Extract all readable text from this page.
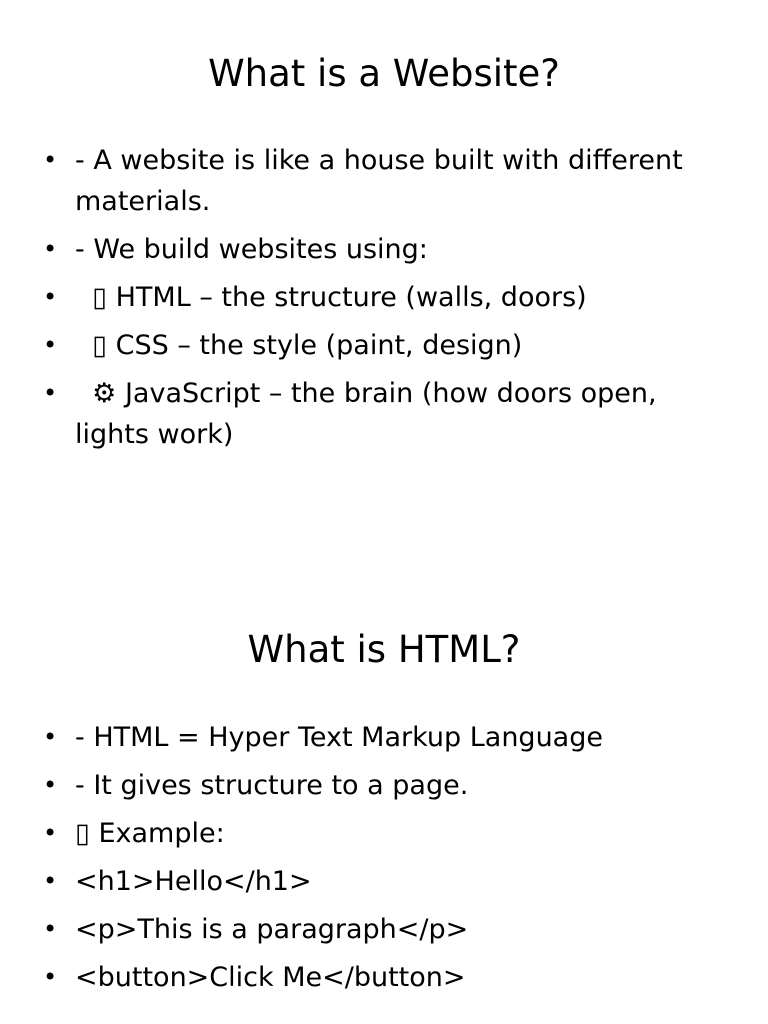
What is a Website?
• - A website is like a house built with different materials.
• - We build websites using:
• ▯ HTML – the structure (walls, doors)
• ▯ CSS – the style (paint, design)
• ⚙ JavaScript – the brain (how doors open, lights work)
What is HTML?
• - HTML = Hyper Text Markup Language
• - It gives structure to a page.
• ▯ Example:
• <h1>Hello</h1>
• <p>This is a paragraph</p>
• <button>Click Me</button>
